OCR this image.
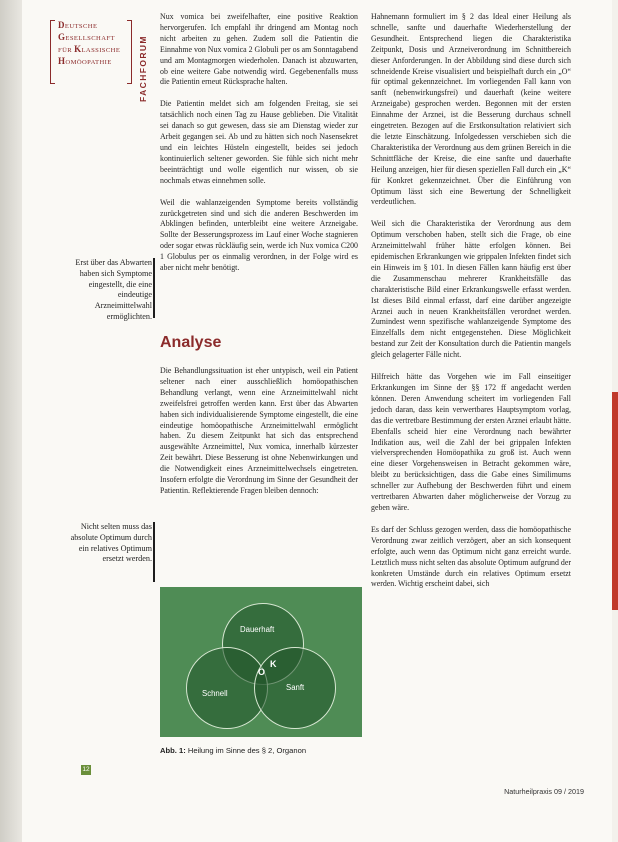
DEUTSCHE
GESELLSCHAFT
FÜR KLASSISCHE
HOMÖOPATHIE	FACHFORUM
Erst über das Abwarten haben sich Symptome eingestellt, die eine eindeutige Arzneimittelwahl ermöglichten.
Nicht selten muss das absolute Optimum durch ein relatives Optimum ersetzt werden.

Nux vomica bei zweifelhafter, eine positive Reaktion hervorgerufen. Ich empfahl ihr dringend am Montag noch nicht arbeiten zu gehen. Zudem soll die Patientin die Einnahme von Nux vomica 2 Globuli per os am Sonntagabend und am Montagmorgen wiederholen. Danach ist abzuwarten, ob eine weitere Gabe notwendig wird. Gegebenenfalls muss die Patientin erneut Rücksprache halten.

Die Patientin meldet sich am folgenden Freitag, sie sei tatsächlich noch einen Tag zu Hause geblieben. Die Vitalität sei danach so gut gewesen, dass sie am Dienstag wieder zur Arbeit gegangen sei. Ab und zu hätten sich noch Nasensekret und ein leichtes Hüsteln eingestellt, beides sei jedoch kontinuierlich seltener geworden. Sie fühle sich nicht mehr beeinträchtigt und wolle eigentlich nur wissen, ob sie nochmals etwas einnehmen solle.

Weil die wahlanzeigenden Symptome bereits vollständig zurückgetreten sind und sich die anderen Beschwerden im Abklingen befinden, unterbleibt eine weitere Arzneigabe. Sollte der Besserungsprozess im Lauf einer Woche stagnieren oder sogar etwas rückläufig sein, werde ich Nux vomica C200 1 Globulus per os einmalig verordnen, in der Folge wird es aber nicht mehr benötigt.

Analyse

Die Behandlungssituation ist eher untypisch, weil ein Patient seltener nach einer ausschließlich homöopathischen Behandlung verlangt, wenn eine Arzneimittelwahl nicht zweifelsfrei getroffen werden kann. Erst über das Abwarten haben sich individualisierende Symptome eingestellt, die eine eindeutige homöopathische Arzneimittelwahl ermöglicht haben. Zu diesem Zeitpunkt hat sich das entsprechend ausgewählte Arzneimittel, Nux vomica, innerhalb kürzester Zeit bewährt. Diese Besserung ist ohne Nebenwirkungen und die Notwendigkeit eines Arzneimittelwechsels eingetreten. Insofern erfolgte die Verordnung im Sinne der Gesundheit der Patientin. Reflektierende Fragen bleiben dennoch:

Dauerhaft
Schnell
Sanft
O
K
Abb. 1: Heilung im Sinne des § 2, Organon

Hahnemann formuliert im § 2 das Ideal einer Heilung als schnelle, sanfte und dauerhafte Wiederherstellung der Gesundheit. Entsprechend liegen die Charakteristika Zeitpunkt, Dosis und Arzneiverordnung im Schnittbereich dieser Anforderungen. In der Abbildung sind diese durch sich schneidende Kreise visualisiert und beispielhaft durch ein „O“ für optimal gekennzeichnet. Im vorliegenden Fall kann von sanft (nebenwirkungsfrei) und dauerhaft (keine weitere Arzneigabe) gesprochen werden. Begonnen mit der ersten Einnahme der Arznei, ist die Besserung durchaus schnell eingetreten. Bezogen auf die Erstkonsultation relativiert sich die letzte Einschätzung. Infolgedessen verschieben sich die Charakteristika der Verordnung aus dem grünen Bereich in die Schnittfläche der Kreise, die eine sanfte und dauerhafte Heilung anzeigen, hier für diesen speziellen Fall durch ein „K“ für Konkret gekennzeichnet. Über die Einführung von Optimum lässt sich eine Bewertung der Schnelligkeit verdeutlichen.

Weil sich die Charakteristika der Verordnung aus dem Optimum verschoben haben, stellt sich die Frage, ob eine Arzneimittelwahl früher hätte erfolgen können. Bei epidemischen Erkrankungen wie grippalen Infekten findet sich ein Hinweis im § 101. In diesen Fällen kann häufig erst über die Zusammenschau mehrerer Krankheitsfälle das charakteristische Bild einer Erkrankungswelle erfasst werden. Ist dieses Bild einmal erfasst, darf eine darüber angezeigte Arznei auch in neuen Krankheitsfällen verordnet werden. Zumindest wenn spezifische wahlanzeigende Symptome des Einzelfalls dem nicht entgegenstehen. Diese Möglichkeit bestand zur Zeit der Konsultation durch die Patientin mangels gleich gelagerter Fälle nicht.

Hilfreich hätte das Vorgehen wie im Fall einseitiger Erkrankungen im Sinne der §§ 172 ff angedacht werden können. Deren Anwendung scheitert im vorliegenden Fall jedoch daran, dass kein verwertbares Hauptsymptom vorlag, das die vertretbare Bestimmung der ersten Arznei erlaubt hätte. Ebenfalls scheid hier eine Verordnung nach bewährter Indikation aus, weil die Zahl der bei grippalen Infekten vielversprechenden Homöopathika zu groß ist. Auch wenn eine dieser Vorgehensweisen in Betracht gekommen wäre, bleibt zu berücksichtigen, dass die Gabe eines Similimums schneller zur Aufhebung der Beschwerden führt und einem vertretbaren Abwarten daher möglicherweise der Vorzug zu geben wäre.

Es darf der Schluss gezogen werden, dass die homöopathische Verordnung zwar zeitlich verzögert, aber an sich konsequent erfolgte, auch wenn das Optimum nicht ganz erreicht wurde. Letztlich muss nicht selten das absolute Optimum aufgrund der konkreten Umstände durch ein relatives Optimum ersetzt werden. Wichtig erscheint dabei, sich

12
Naturheilpraxis 09 / 2019
